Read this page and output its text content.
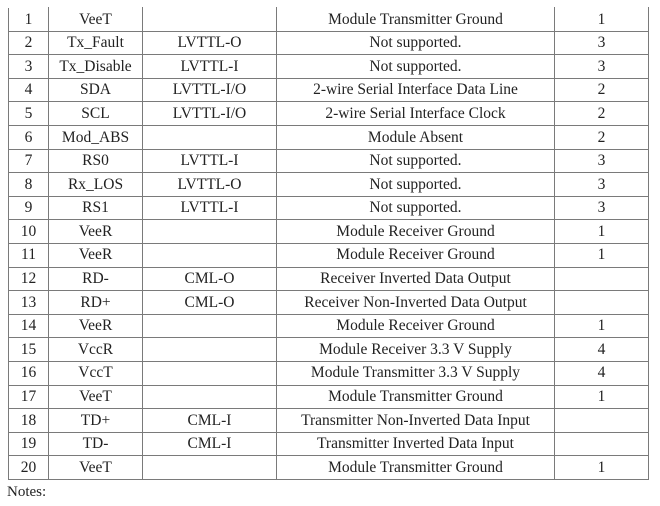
1	VeeT		Module Transmitter Ground	1
2	Tx_Fault	LVTTL-O	Not supported.	3
3	Tx_Disable	LVTTL-I	Not supported.	3
4	SDA	LVTTL-I/O	2-wire Serial Interface Data Line	2
5	SCL	LVTTL-I/O	2-wire Serial Interface Clock	2
6	Mod_ABS		Module Absent	2
7	RS0	LVTTL-I	Not supported.	3
8	Rx_LOS	LVTTL-O	Not supported.	3
9	RS1	LVTTL-I	Not supported.	3
10	VeeR		Module Receiver Ground	1
11	VeeR		Module Receiver Ground	1
12	RD-	CML-O	Receiver Inverted Data Output	
13	RD+	CML-O	Receiver Non-Inverted Data Output	
14	VeeR		Module Receiver Ground	1
15	VccR		Module Receiver 3.3 V Supply	4
16	VccT		Module Transmitter 3.3 V Supply	4
17	VeeT		Module Transmitter Ground	1
18	TD+	CML-I	Transmitter Non-Inverted Data Input	
19	TD-	CML-I	Transmitter Inverted Data Input	
20	VeeT		Module Transmitter Ground	1
Notes:
